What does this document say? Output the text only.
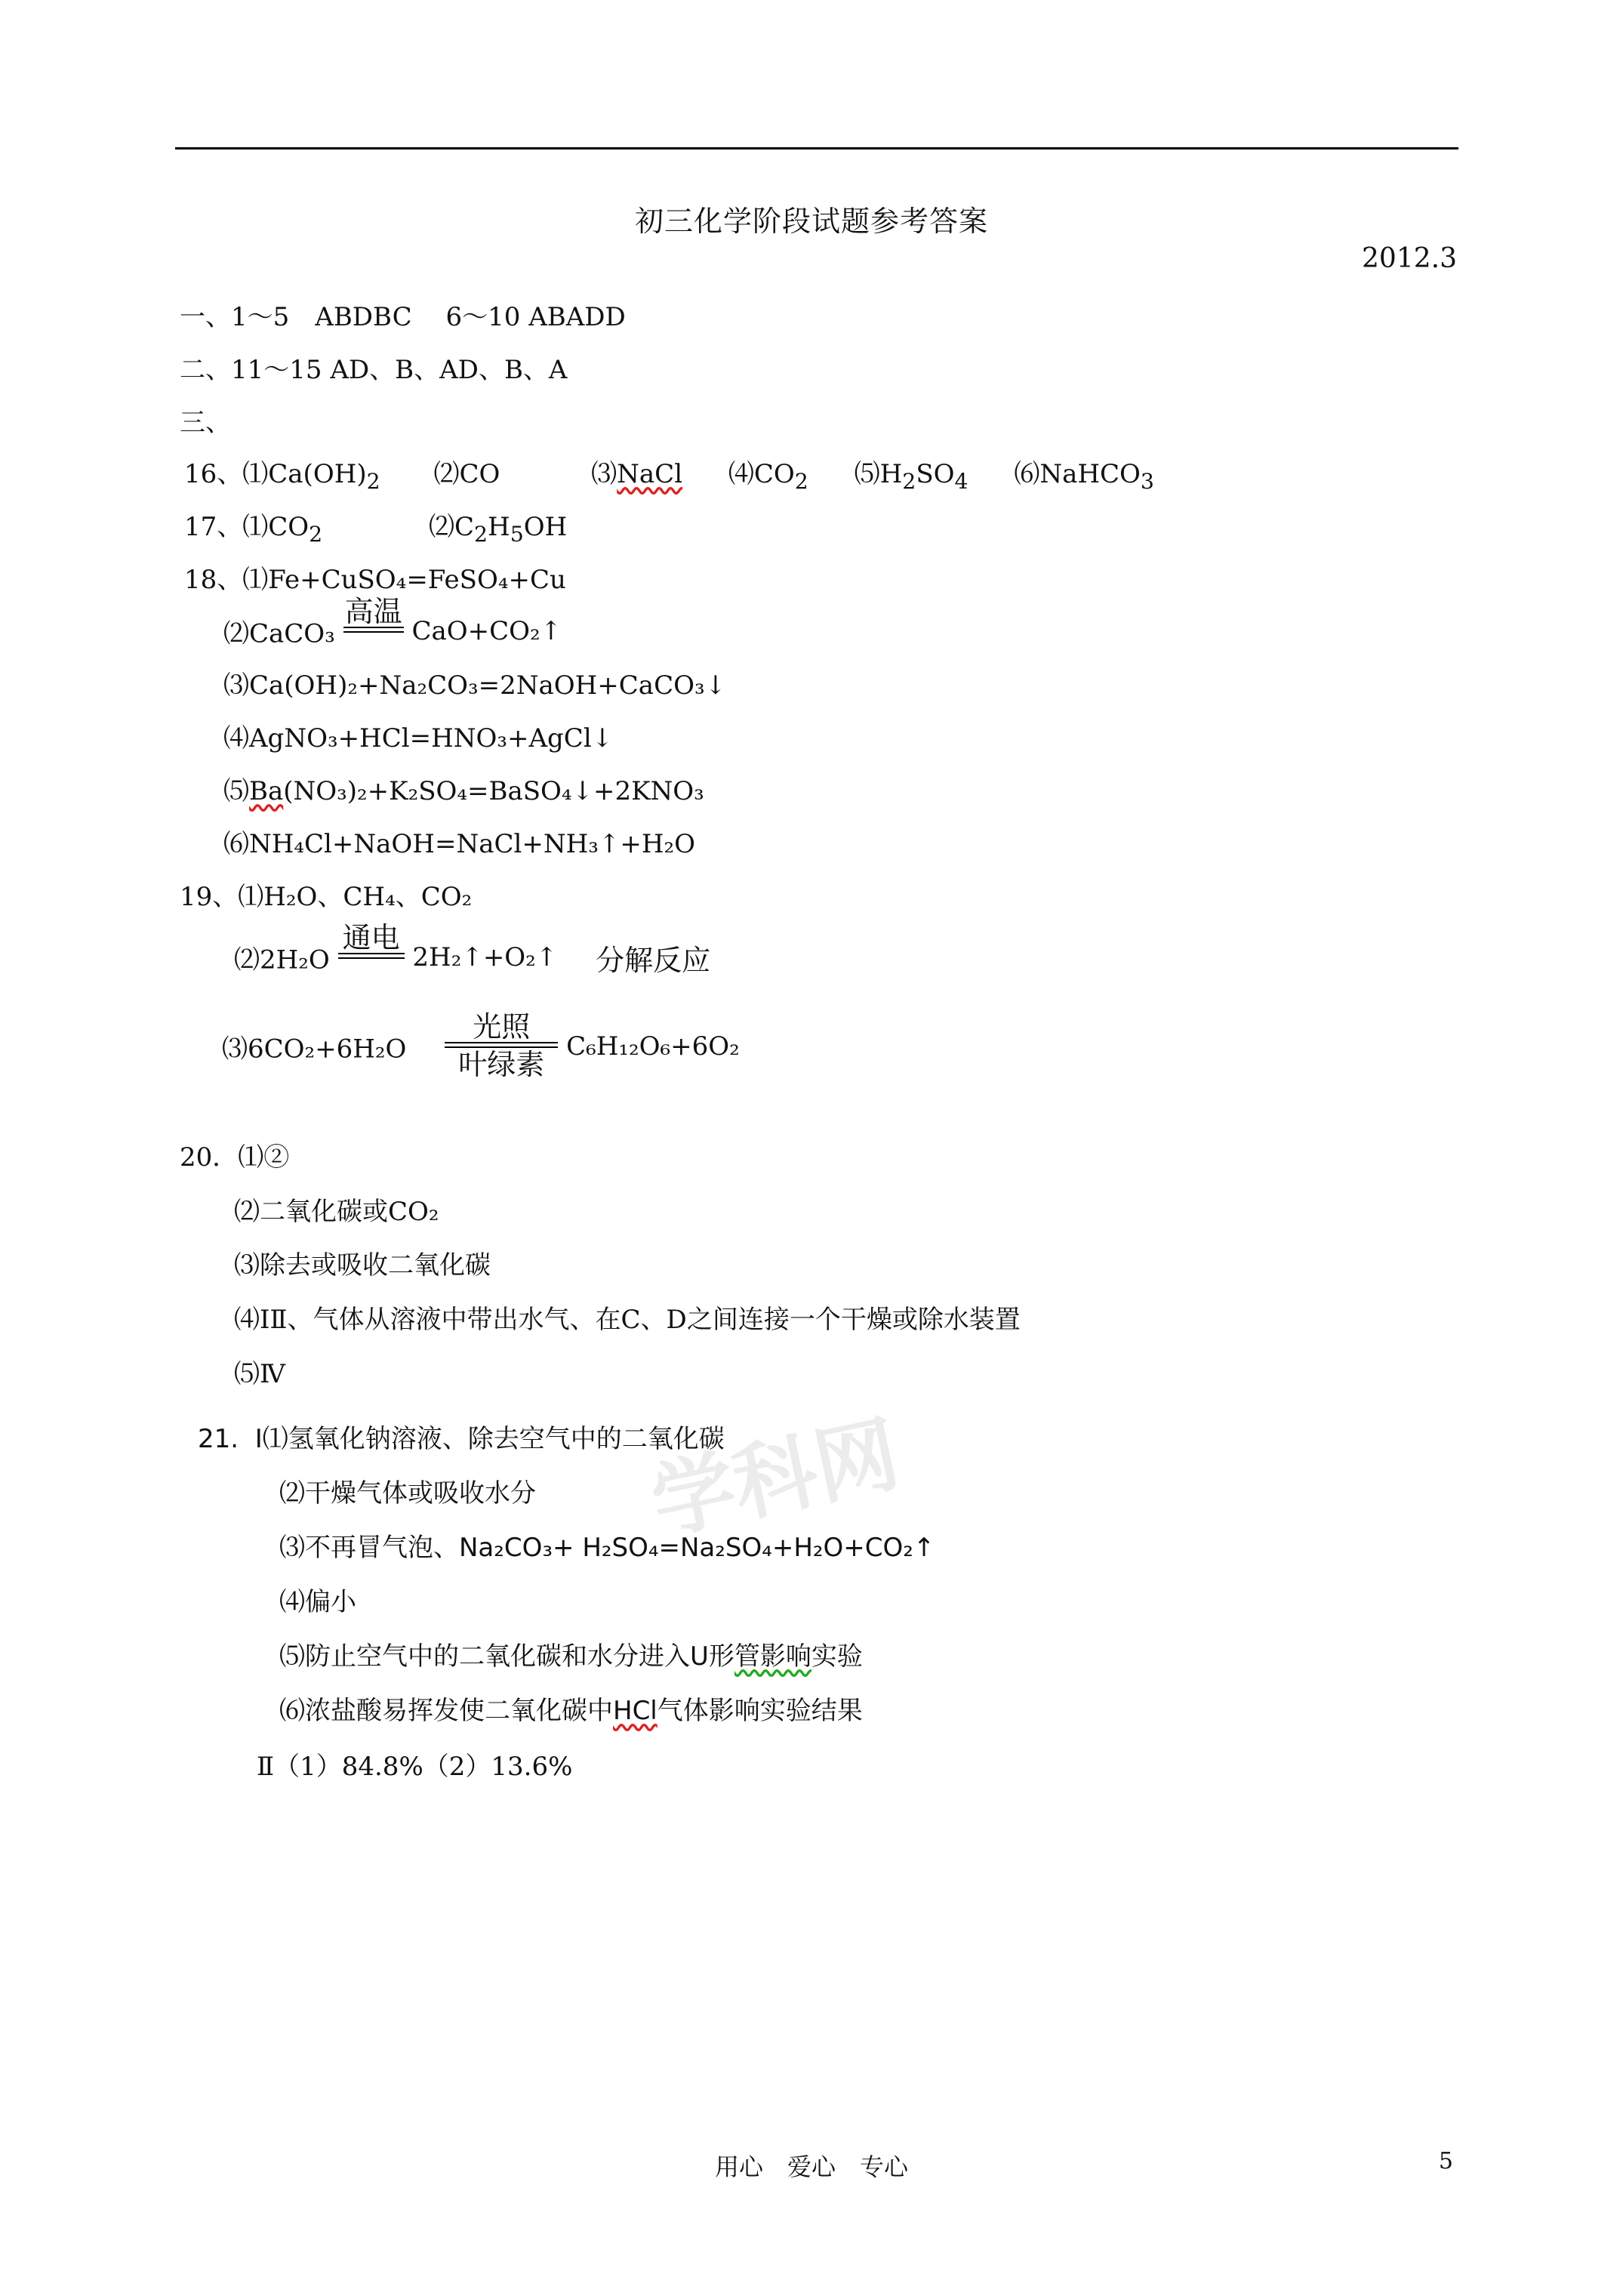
初三化学阶段试题参考答案
2012.3
学科网
一、1～5　ABDBC　 6～10 ABADD
二、11～15 AD、B、AD、B、A
三、
16、$⑴Ca(OH)_2$ ⑵CO	⑶NaCl $⑷CO_2$ $⑸H_2SO_4$ ⑹NaHCO$_3$
17、$⑴CO_2$	$⑵C_2H_5OH$
18、⑴Fe+CuSO₄=FeSO₄+Cu
⑵CaCO₃
高温

CaO+CO₂↑
⑶Ca(OH)₂+Na₂CO₃=2NaOH+CaCO₃↓
⑷AgNO₃+HCl=HNO₃+AgCl↓
⑸Ba(NO₃)₂+K₂SO₄=BaSO₄↓+2KNO₃
⑹NH₄Cl+NaOH=NaCl+NH₃↑+H₂O
19、⑴H₂O、CH₄、CO₂
⑵2H₂O
通电

2H₂↑+O₂↑ 分解反应
⑶6CO₂+6H₂O
光照
叶绿素
C₆H₁₂O₆+6O₂
20．⑴②
⑵二氧化碳或CO₂
⑶除去或吸收二氧化碳
⑷ⅠⅡ、气体从溶液中带出水气、在C、D之间连接一个干燥或除水装置
⑸Ⅳ
21. Ⅰ⑴氢氧化钠溶液、除去空气中的二氧化碳
⑵干燥气体或吸收水分
⑶不再冒气泡、Na₂CO₃+ H₂SO₄=Na₂SO₄+H₂O+CO₂↑
⑷偏小
⑸防止空气中的二氧化碳和水分进入U形管影响实验
⑹浓盐酸易挥发使二氧化碳中HCl气体影响实验结果
Ⅱ（1）84.8%（2）13.6%
用心　爱心　专心	5
